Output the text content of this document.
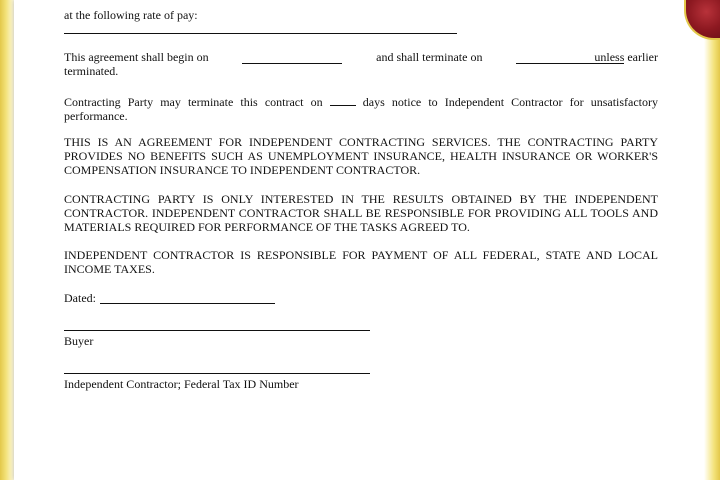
at the following rate of pay:

This agreement shall begin on	and shall terminate on	unless earlier

terminated.

Contracting Party may terminate this contract on	days notice to Independent Contractor for unsatisfactory performance.

THIS IS AN AGREEMENT FOR INDEPENDENT CONTRACTING SERVICES. THE CONTRACTING PARTY PROVIDES NO BENEFITS SUCH AS UNEMPLOYMENT INSURANCE, HEALTH INSURANCE OR WORKER'S COMPENSATION INSURANCE TO INDEPENDENT CONTRACTOR.

CONTRACTING PARTY IS ONLY INTERESTED IN THE RESULTS OBTAINED BY THE INDEPENDENT CONTRACTOR. INDEPENDENT CONTRACTOR SHALL BE RESPONSIBLE FOR PROVIDING ALL TOOLS AND MATERIALS REQUIRED FOR PERFORMANCE OF THE TASKS AGREED TO.

INDEPENDENT CONTRACTOR IS RESPONSIBLE FOR PAYMENT OF ALL FEDERAL, STATE AND LOCAL INCOME TAXES.

Dated:

Buyer

Independent Contractor; Federal Tax ID Number
